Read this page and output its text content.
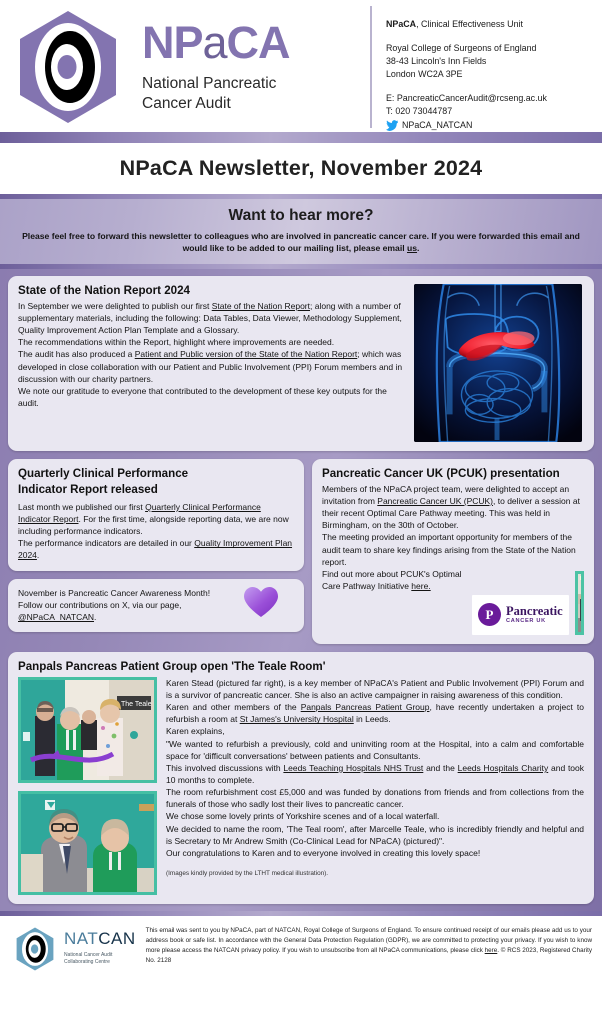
NPaCA
National Pancreatic
Cancer Audit
NPaCA, Clinical Effectiveness Unit
Royal College of Surgeons of England
38-43 Lincoln's Inn Fields
London WC2A 3PE
E: PancreaticCancerAudit@rcseng.ac.uk
T: 020 73044787
NPaCA_NATCAN
NPaCA Newsletter, November 2024
Want to hear more?

Please feel free to forward this newsletter to colleagues who are involved in pancreatic cancer care. If you were forwarded this email and would like to be added to our mailing list, please email us.

State of the Nation Report 2024
In September we were delighted to publish our first State of the Nation Report; along with a number of supplementary materials, including the following: Data Tables, Data Viewer, Methodology Supplement, Quality Improvement Action Plan Template and a Glossary.
The recommendations within the Report, highlight where improvements are needed.
The audit has also produced a Patient and Public version of the State of the Nation Report; which was developed in close collaboration with our Patient and Public Involvement (PPI) Forum members and in discussion with our charity partners.
We note our gratitude to everyone that contributed to the development of these key outputs for the audit.
Quarterly Clinical Performance
Indicator Report released
Last month we published our first Quarterly Clinical Performance Indicator Report. For the first time, alongside reporting data, we are now including performance indicators.
The performance indicators are detailed in our Quality Improvement Plan 2024.
November is Pancreatic Cancer Awareness Month!
Follow our contributions on X, via our page, @NPaCA_NATCAN.
Pancreatic Cancer UK (PCUK) presentation
Members of the NPaCA project team, were delighted to accept an invitation from Pancreatic Cancer UK (PCUK), to deliver a session at their recent Optimal Care Pathway meeting. This was held in Birmingham, on the 30th of October.
The meeting provided an important opportunity for members of the audit team to share key findings arising from the State of the Nation report.
Find out more about PCUK's Optimal Care Pathway Initiative here.
P	Pancreatic
CANCER UK
Panpals Pancreas Patient Group open 'The Teale Room'
The Teale

Karen Stead (pictured far right), is a key member of NPaCA's Patient and Public Involvement (PPI) Forum and is a survivor of pancreatic cancer. She is also an active campaigner in raising awareness of this condition.

Karen and other members of the Panpals Pancreas Patient Group, have recently undertaken a project to refurbish a room at St James's University Hospital in Leeds.

Karen explains,

"We wanted to refurbish a previously, cold and uninviting room at the Hospital, into a calm and comfortable space for 'difficult conversations' between patients and Consultants.

This involved discussions with Leeds Teaching Hospitals NHS Trust and the Leeds Hospitals Charity and took 10 months to complete.

The room refurbishment cost £5,000 and was funded by donations from friends and from collections from the funerals of those who sadly lost their lives to pancreatic cancer.

We chose some lovely prints of Yorkshire scenes and of a local waterfall.

We decided to name the room, 'The Teal room', after Marcelle Teale, who is incredibly friendly and helpful and is Secretary to Mr Andrew Smith (Co-Clinical Lead for NPaCA) (pictured)".

Our congratulations to Karen and to everyone involved in creating this lovely space!

(Images kindly provided by the LTHT medical illustration).
NATCAN
National Cancer Audit
Collaborating Centre
This email was sent to you by NPaCA, part of NATCAN, Royal College of Surgeons of England. To ensure continued receipt of our emails please add us to your address book or safe list. In accordance with the General Data Protection Regulation (GDPR), we are committed to protecting your privacy. If you wish to know more please access the NATCAN privacy policy. If you wish to unsubscribe from all NPaCA communications, please click here. © RCS 2023, Registered Charity No. 2128
